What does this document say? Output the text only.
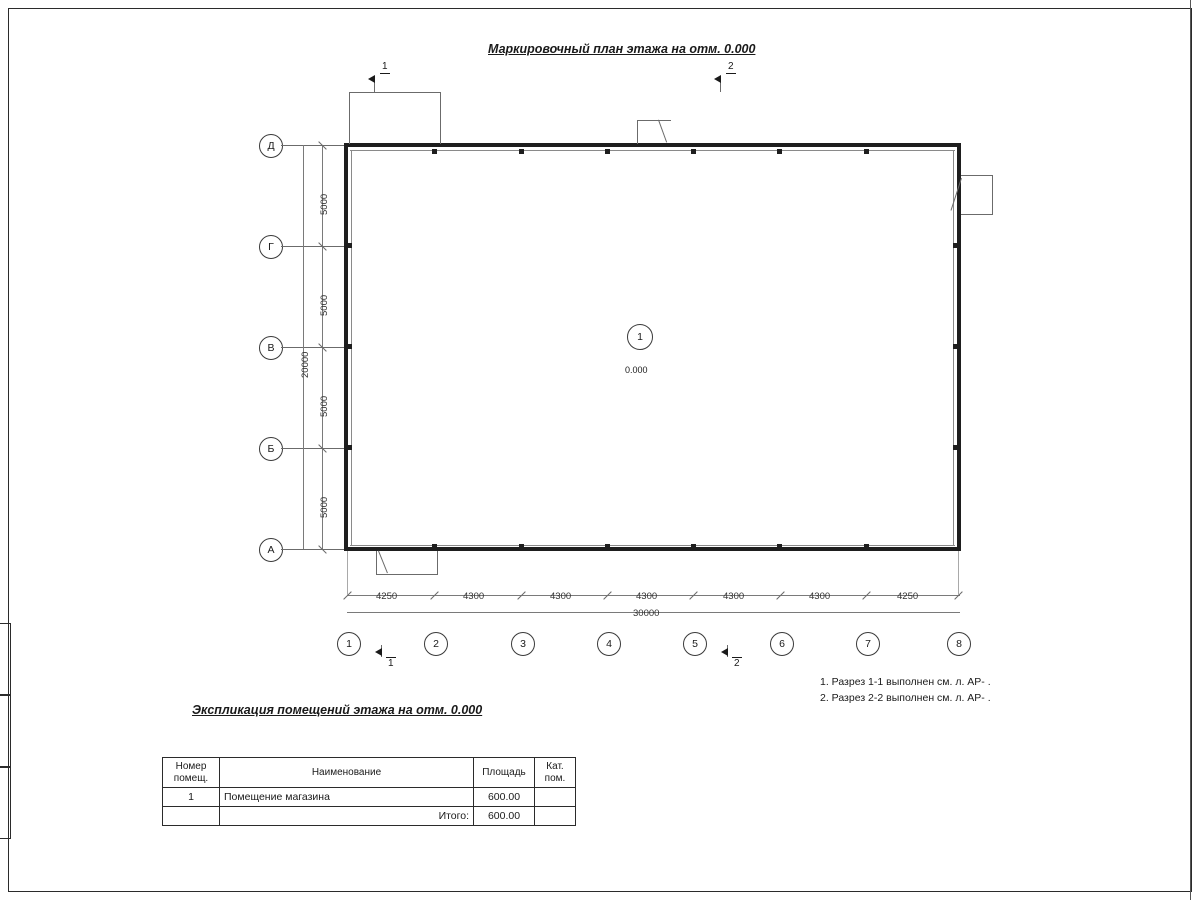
Маркировочный план этажа на отм. 0.000
1	2
1
0.000
Д
Г
В
Б
А
5000
5000
5000
5000
20000
4250	4300	4300	4300	4300	4300	4250
30000
1	2	3	4	5	6	7	8
1	2
1. Разрез 1-1 выполнен см. л. АР- .
2. Разрез 2-2 выполнен см. л. АР- .
Экспликация помещений этажа на отм. 0.000
Номер
помещ.	Наименование	Площадь	Кат.
пом.
1	Помещение магазина	600.00	
	Итого:	600.00	
